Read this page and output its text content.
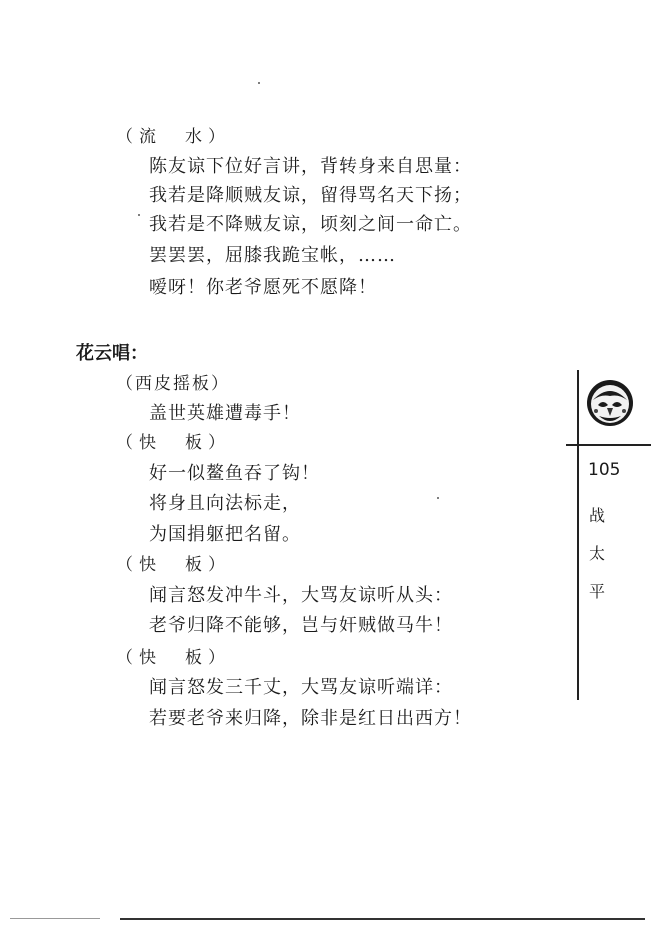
（流　水）
陈友谅下位好言讲，背转身来自思量：
我若是降顺贼友谅，留得骂名天下扬；
我若是不降贼友谅，顷刻之间一命亡。
罢罢罢，屈膝我跪宝帐，……
嗳呀！你老爷愿死不愿降！
花云唱：
（西皮摇板）
盖世英雄遭毒手！
（快　板）
好一似鳌鱼吞了钩！
将身且向法标走，
为国捐躯把名留。
（快　板）
闻言怒发冲牛斗，大骂友谅听从头：
老爷归降不能够，岂与奸贼做马牛！
（快　板）
闻言怒发三千丈，大骂友谅听端详：
若要老爷来归降，除非是红日出西方！
105
战
太
平
